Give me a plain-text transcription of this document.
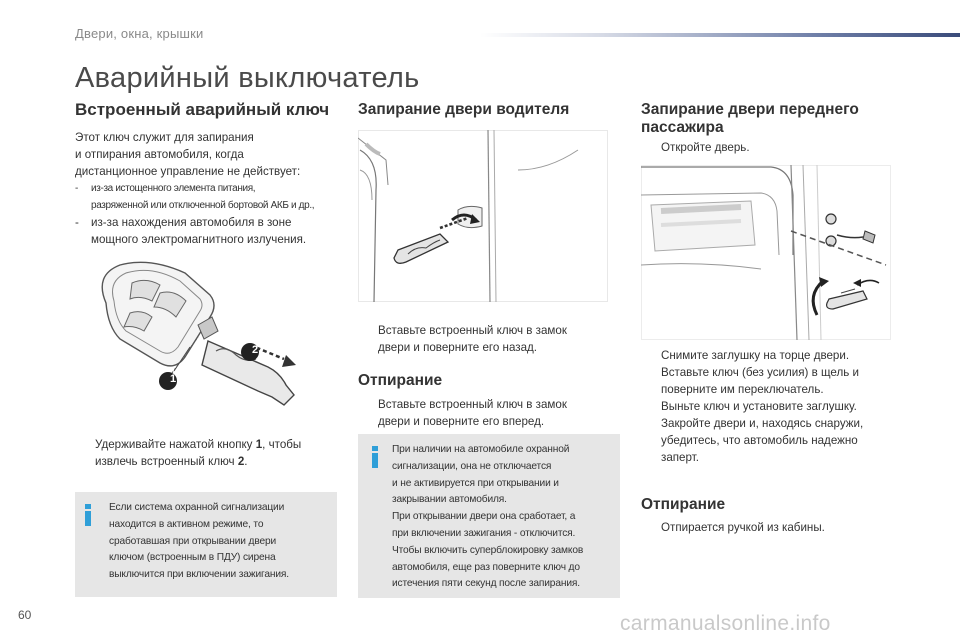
Двери, окна, крышки
Аварийный выключатель
Встроенный аварийный ключ
Этот ключ служит для запирания
и отпирания автомобиля, когда
дистанционное управление не действует:
-	из-за истощенного элемента питания,
разряженной или отключенной бортовой АКБ и др.,
-	из-за нахождения автомобиля в зоне
мощного электромагнитного излучения.
1
2
Удерживайте нажатой кнопку 1, чтобы
извлечь встроенный ключ 2.
Если система охранной сигнализации
находится в активном режиме, то
сработавшая при открывании двери
ключом (встроенным в ПДУ) сирена
выключится при включении зажигания.
Запирание двери водителя
Вставьте встроенный ключ в замок
двери и поверните его назад.
Отпирание
Вставьте встроенный ключ в замок
двери и поверните его вперед.
При наличии на автомобиле охранной
сигнализации, она не отключается
и не активируется при открывании и
закрывании автомобиля.
При открывании двери она сработает, а
при включении зажигания - отключится.
Чтобы включить суперблокировку замков
автомобиля, еще раз поверните ключ до
истечения пяти секунд после запирания.
Запирание двери переднего
пассажира
Откройте дверь.
Снимите заглушку на торце двери.
Вставьте ключ (без усилия) в щель и
поверните им переключатель.
Выньте ключ и установите заглушку.
Закройте двери и, находясь снаружи,
убедитесь, что автомобиль надежно
заперт.
Отпирание
Отпирается ручкой из кабины.
60	carmanualsonline.info
